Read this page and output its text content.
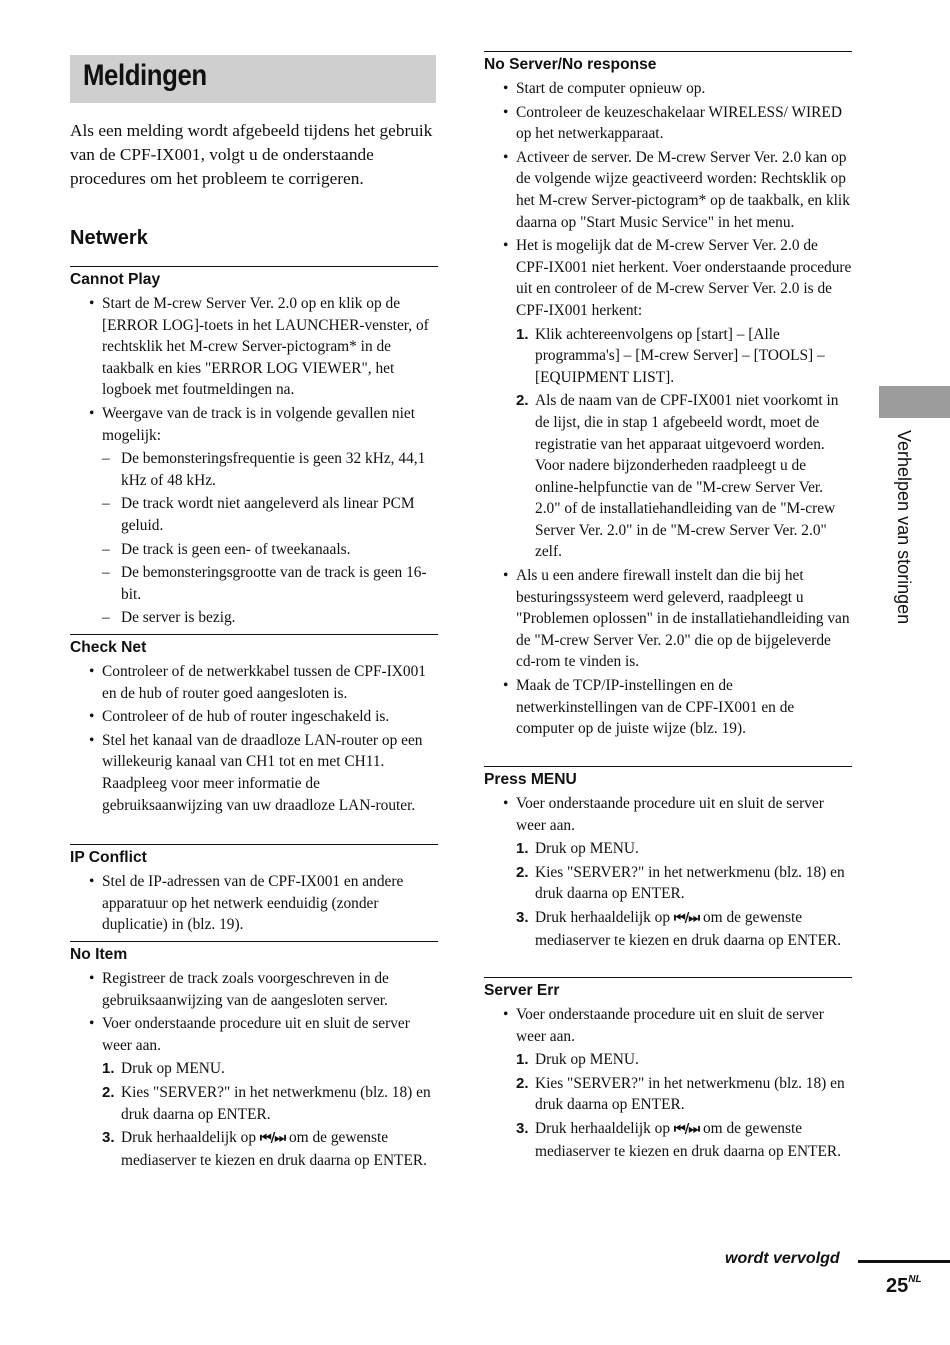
Meldingen
Als een melding wordt afgebeeld tijdens het gebruik van de CPF-IX001, volgt u de onderstaande procedures om het probleem te corrigeren.
Netwerk
Cannot Play
• Start de M-crew Server Ver. 2.0 op en klik op de [ERROR LOG]-toets in het LAUNCHER-venster, of rechtsklik het M-crew Server-pictogram* in de taakbalk en kies "ERROR LOG VIEWER", het logboek met foutmeldingen na.
• Weergave van de track is in volgende gevallen niet mogelijk:
– De bemonsteringsfrequentie is geen 32 kHz, 44,1 kHz of 48 kHz.
– De track wordt niet aangeleverd als linear PCM geluid.
– De track is geen een- of tweekanaals.
– De bemonsteringsgrootte van de track is geen 16-bit.
– De server is bezig.
Check Net
• Controleer of de netwerkkabel tussen de CPF-IX001 en de hub of router goed aangesloten is.
• Controleer of de hub of router ingeschakeld is.
• Stel het kanaal van de draadloze LAN-router op een willekeurig kanaal van CH1 tot en met CH11. Raadpleeg voor meer informatie de gebruiksaanwijzing van uw draadloze LAN-router.
IP Conflict
• Stel de IP-adressen van de CPF-IX001 en andere apparatuur op het netwerk eenduidig (zonder duplicatie) in (blz. 19).
No Item
• Registreer de track zoals voorgeschreven in de gebruiksaanwijzing van de aangesloten server.
• Voer onderstaande procedure uit en sluit de server weer aan.
1. Druk op MENU.
2. Kies "SERVER?" in het netwerkmenu (blz. 18) en druk daarna op ENTER.
3. Druk herhaaldelijk op ⏮/⏭ om de gewenste mediaserver te kiezen en druk daarna op ENTER.
No Server/No response
• Start de computer opnieuw op.
• Controleer de keuzeschakelaar WIRELESS/ WIRED op het netwerkapparaat.
• Activeer de server. De M-crew Server Ver. 2.0 kan op de volgende wijze geactiveerd worden: Rechtsklik op het M-crew Server-pictogram* op de taakbalk, en klik daarna op "Start Music Service" in het menu.
• Het is mogelijk dat de M-crew Server Ver. 2.0 de CPF-IX001 niet herkent. Voer onderstaande procedure uit en controleer of de M-crew Server Ver. 2.0 is de CPF-IX001 herkent:
1. Klik achtereenvolgens op [start] – [Alle programma's] – [M-crew Server] – [TOOLS] – [EQUIPMENT LIST].
2. Als de naam van de CPF-IX001 niet voorkomt in de lijst, die in stap 1 afgebeeld wordt, moet de registratie van het apparaat uitgevoerd worden. Voor nadere bijzonderheden raadpleegt u de online-helpfunctie van de "M-crew Server Ver. 2.0" of de installatiehandleiding van de "M-crew Server Ver. 2.0" in de "M-crew Server Ver. 2.0" zelf.
• Als u een andere firewall instelt dan die bij het besturingssysteem werd geleverd, raadpleegt u "Problemen oplossen" in de installatiehandleiding van de "M-crew Server Ver. 2.0" die op de bijgeleverde cd-rom te vinden is.
• Maak de TCP/IP-instellingen en de netwerkinstellingen van de CPF-IX001 en de computer op de juiste wijze (blz. 19).
Press MENU
• Voer onderstaande procedure uit en sluit de server weer aan.
1. Druk op MENU.
2. Kies "SERVER?" in het netwerkmenu (blz. 18) en druk daarna op ENTER.
3. Druk herhaaldelijk op ⏮/⏭ om de gewenste mediaserver te kiezen en druk daarna op ENTER.
Server Err
• Voer onderstaande procedure uit en sluit de server weer aan.
1. Druk op MENU.
2. Kies "SERVER?" in het netwerkmenu (blz. 18) en druk daarna op ENTER.
3. Druk herhaaldelijk op ⏮/⏭ om de gewenste mediaserver te kiezen en druk daarna op ENTER.
Verhelpen van storingen
wordt vervolgd
$25^{NL}$
